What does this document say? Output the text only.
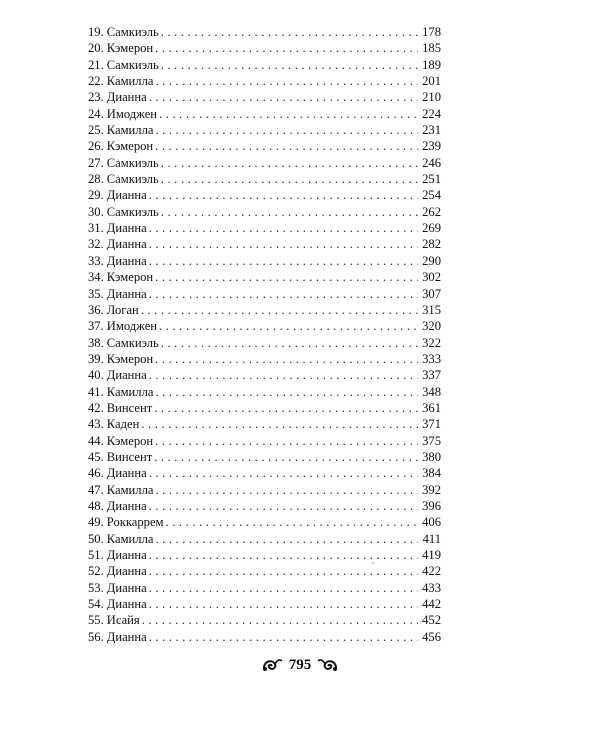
19. Самкиэль . . .	178
20. Кэмерон . . .	185
21. Самкиэль . . .	189
22. Камилла . . .	201
23. Дианна . . .	210
24. Имоджен . . .	224
25. Камилла . . .	231
26. Кэмерон . . .	239
27. Самкиэль . . .	246
28. Самкиэль . . .	251
29. Дианна . . .	254
30. Самкиэль . . .	262
31. Дианна . . .	269
32. Дианна . . .	282
33. Дианна . . .	290
34. Кэмерон . . .	302
35. Дианна . . .	307
36. Логан . . .	315
37. Имоджен . . .	320
38. Самкиэль . . .	322
39. Кэмерон . . .	333
40. Дианна . . .	337
41. Камилла . . .	348
42. Винсент . . .	361
43. Каден . . .	371
44. Кэмерон . . .	375
45. Винсент . . .	380
46. Дианна . . .	384
47. Камилла . . .	392
48. Дианна . . .	396
49. Роккаррем . . .	406
50. Камилла . . .	411
51. Дианна . . .	419
52. Дианна . . .	422
53. Дианна . . .	433
54. Дианна . . .	442
55. Исайя . . .	452
56. Дианна . . .	456
795
